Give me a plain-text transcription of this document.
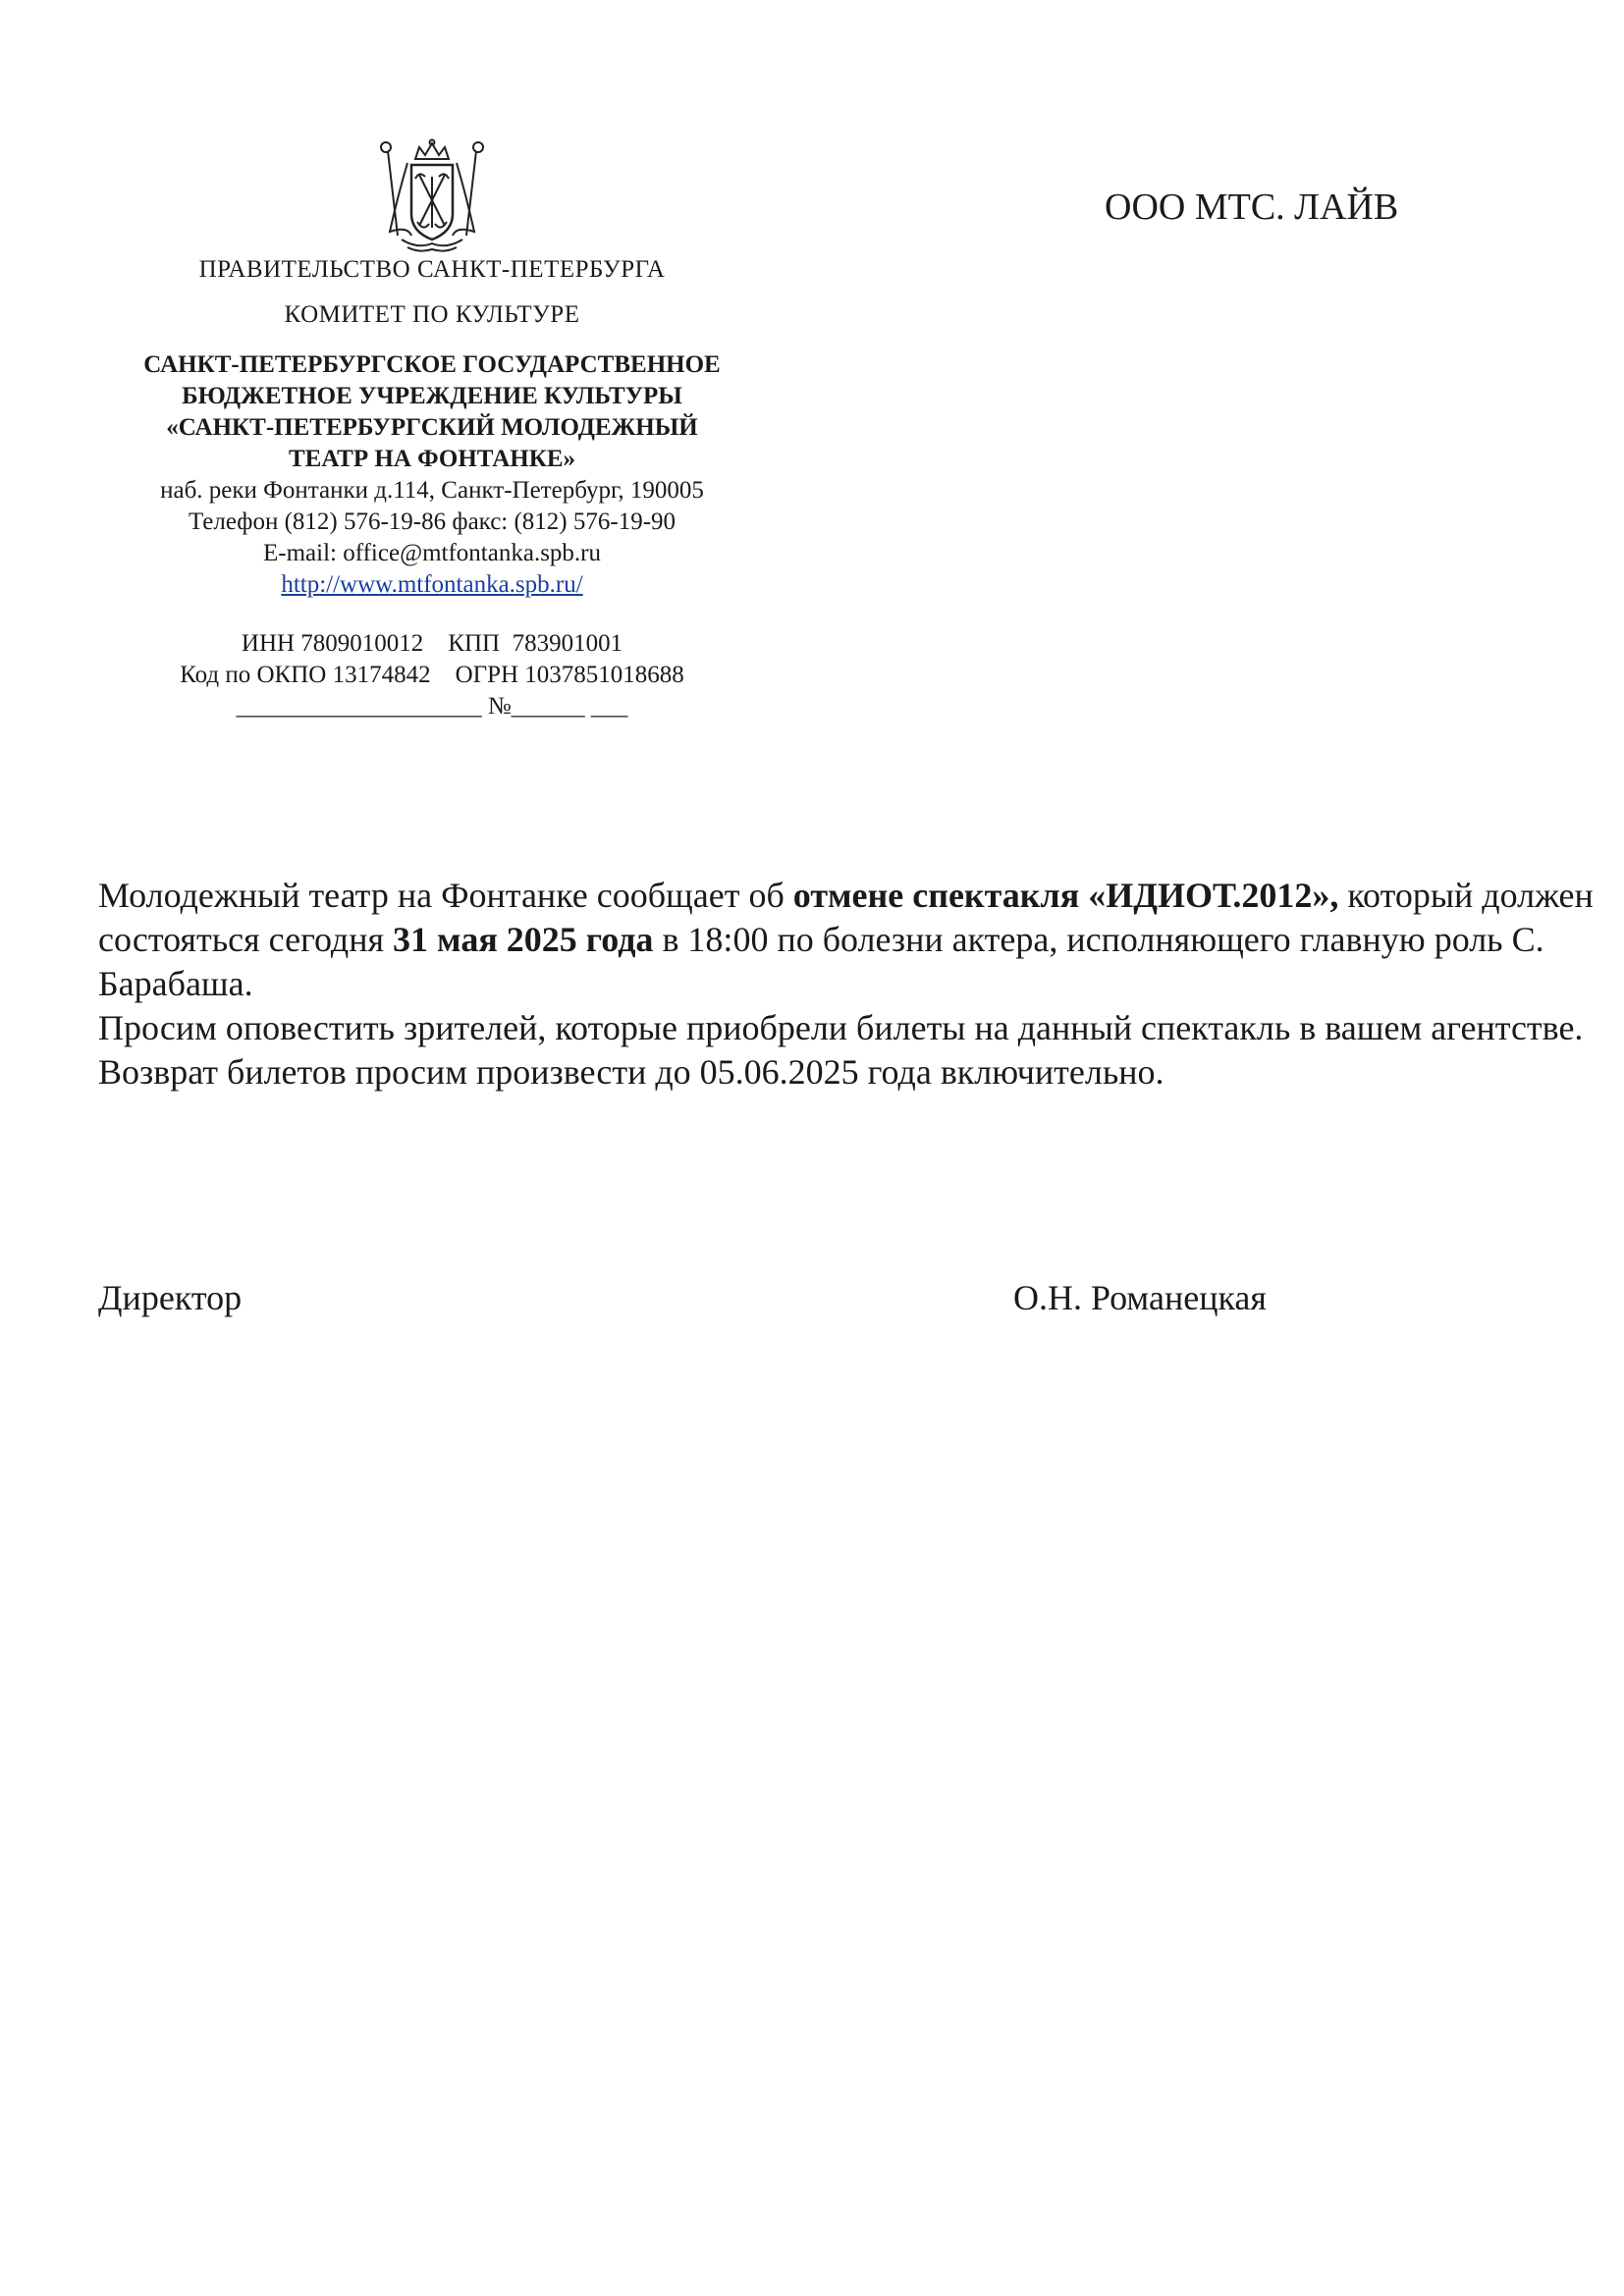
ПРАВИТЕЛЬСТВО САНКТ-ПЕТЕРБУРГА
КОМИТЕТ ПО КУЛЬТУРЕ
САНКТ-ПЕТЕРБУРГСКОЕ ГОСУДАРСТВЕННОЕ
БЮДЖЕТНОЕ УЧРЕЖДЕНИЕ КУЛЬТУРЫ
«САНКТ-ПЕТЕРБУРГСКИЙ МОЛОДЕЖНЫЙ
ТЕАТР НА ФОНТАНКЕ»
наб. реки Фонтанки д.114, Санкт-Петербург, 190005
Телефон (812) 576-19-86 факс: (812) 576-19-90
E-mail: office@mtfontanka.spb.ru
http://www.mtfontanka.spb.ru/
ИНН 7809010012    КПП  783901001
Код по ОКПО 13174842    ОГРН 1037851018688
____________________ №______ ___
ООО МТС. ЛАЙВ

Молодежный театр на Фонтанке сообщает об отмене спектакля «ИДИОТ.2012», который должен состояться сегодня 31 мая 2025 года в 18:00 по болезни актера, исполняющего главную роль С. Барабаша.

Просим оповестить зрителей, которые приобрели билеты на данный спектакль в вашем агентстве.

Возврат билетов просим произвести до 05.06.2025 года включительно.

Директор	О.Н. Романецкая
